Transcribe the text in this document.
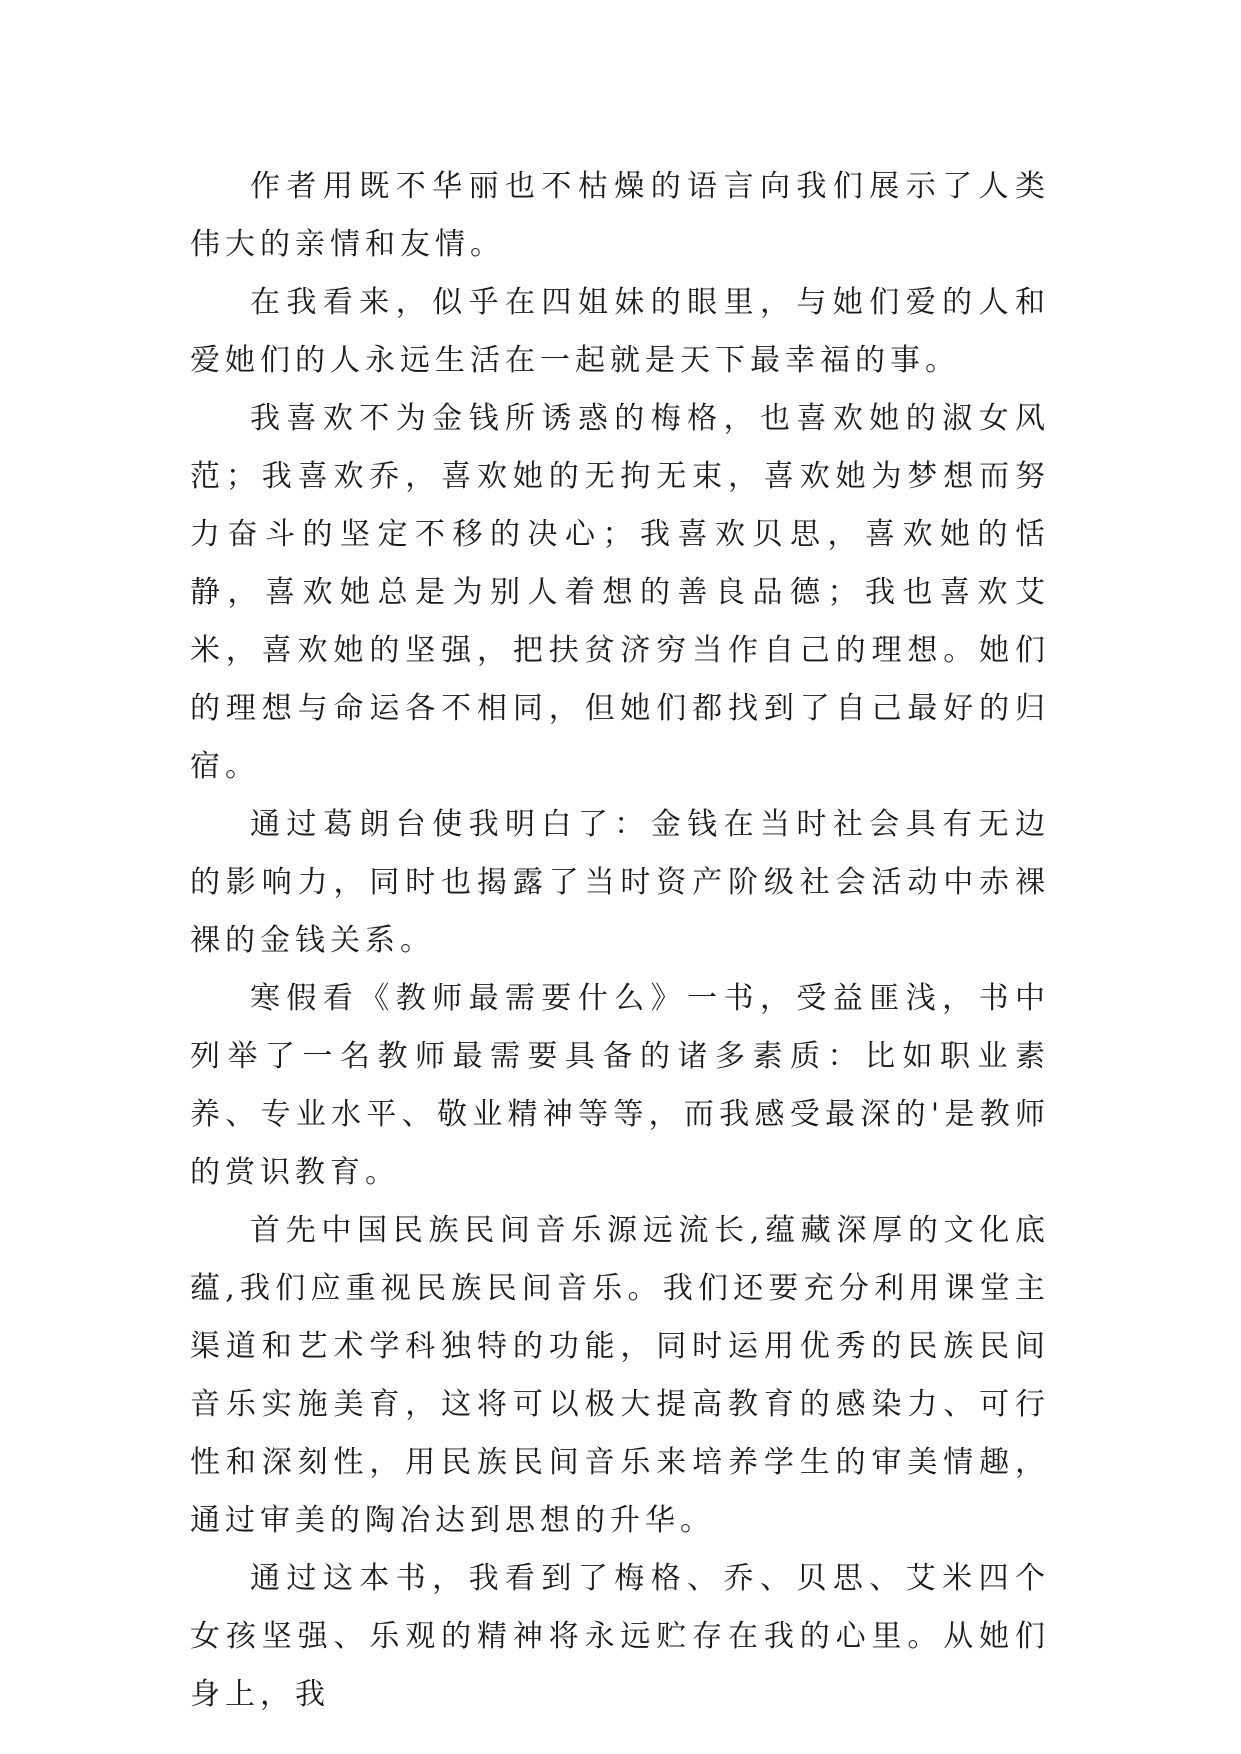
作者用既不华丽也不枯燥的语言向我们展示了人类伟大的亲情和友情。

在我看来，似乎在四姐妹的眼里，与她们爱的人和爱她们的人永远生活在一起就是天下最幸福的事。

我喜欢不为金钱所诱惑的梅格，也喜欢她的淑女风范；我喜欢乔，喜欢她的无拘无束，喜欢她为梦想而努力奋斗的坚定不移的决心；我喜欢贝思，喜欢她的恬静，喜欢她总是为别人着想的善良品德；我也喜欢艾米，喜欢她的坚强，把扶贫济穷当作自己的理想。她们的理想与命运各不相同，但她们都找到了自己最好的归宿。

通过葛朗台使我明白了：金钱在当时社会具有无边的影响力，同时也揭露了当时资产阶级社会活动中赤裸裸的金钱关系。

寒假看《教师最需要什么》一书，受益匪浅，书中列举了一名教师最需要具备的诸多素质：比如职业素养、专业水平、敬业精神等等，而我感受最深的'是教师的赏识教育。

首先中国民族民间音乐源远流长,蕴藏深厚的文化底蕴,我们应重视民族民间音乐。我们还要充分利用课堂主渠道和艺术学科独特的功能，同时运用优秀的民族民间音乐实施美育，这将可以极大提高教育的感染力、可行性和深刻性，用民族民间音乐来培养学生的审美情趣，通过审美的陶冶达到思想的升华。

通过这本书，我看到了梅格、乔、贝思、艾米四个女孩坚强、乐观的精神将永远贮存在我的心里。从她们身上，我
